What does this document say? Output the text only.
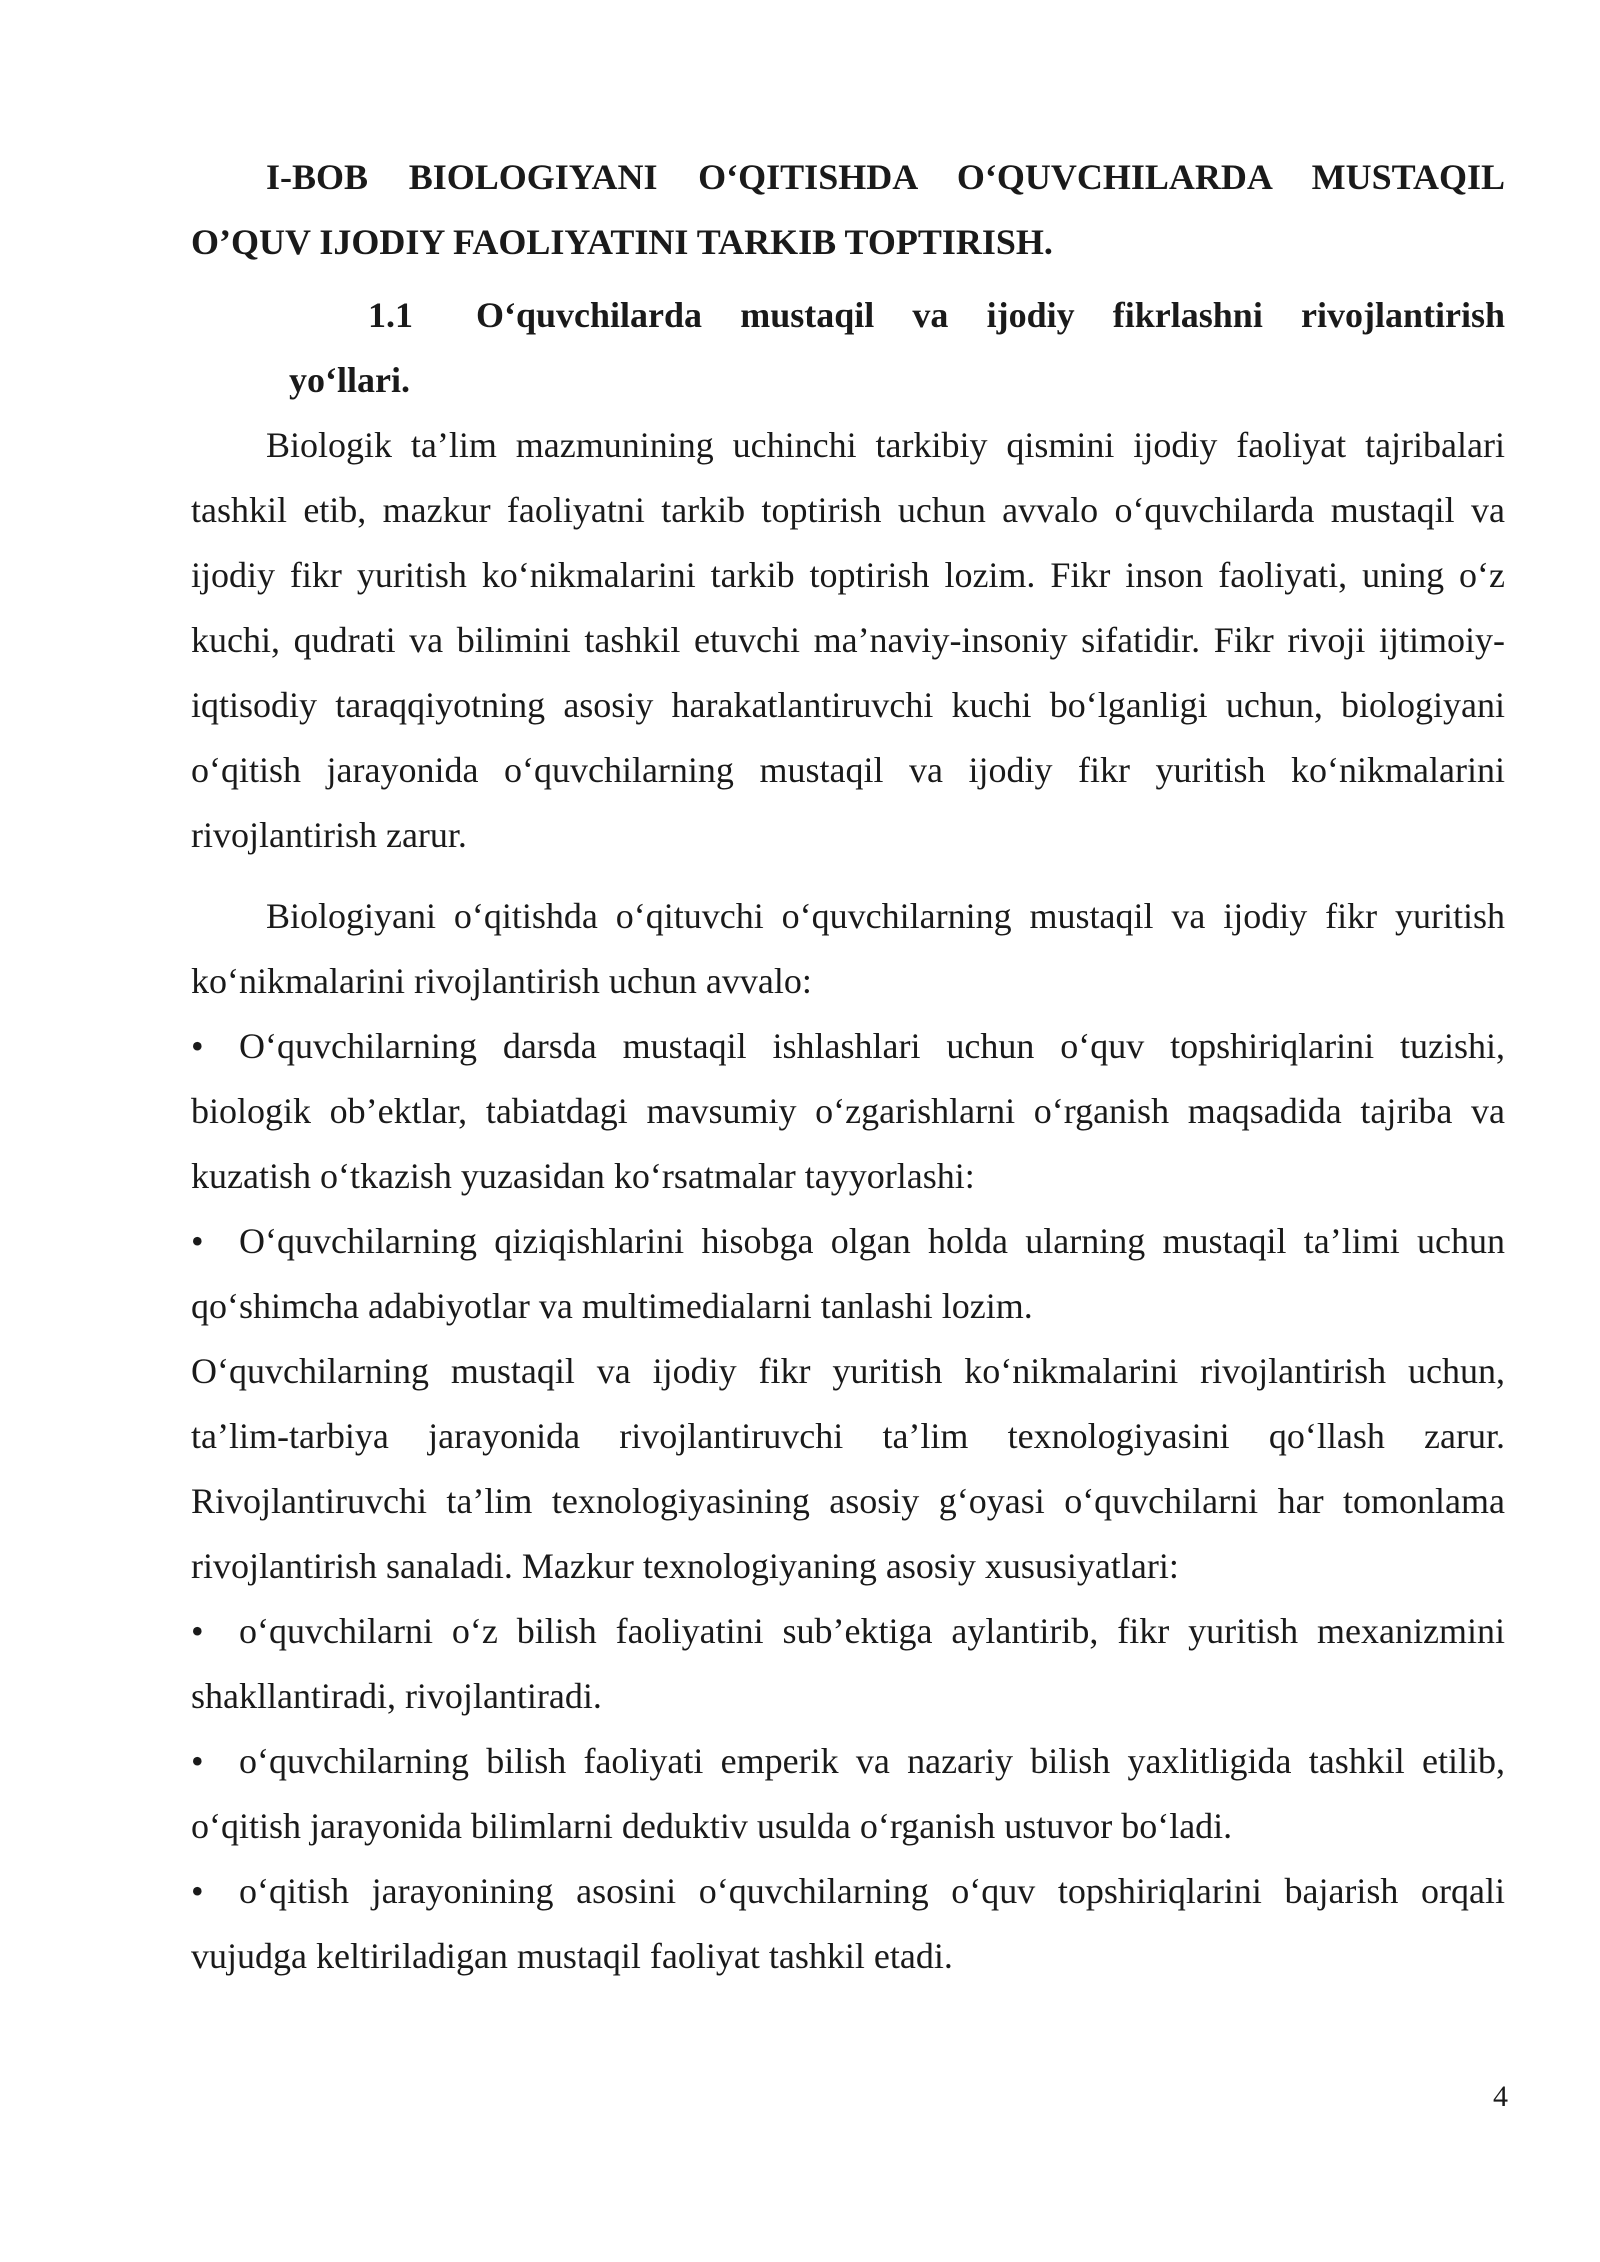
I-BOB BIOLOGIYANI O‘QITISHDA O‘QUVCHILARDA MUSTAQIL O’QUV IJODIY FAOLIYATINI TARKIB TOPTIRISH.

1.1	O‘quvchilarda mustaqil va ijodiy fikrlashni rivojlantirish

yo‘llari.

Biologik ta’lim mazmunining uchinchi tarkibiy qismini ijodiy faoliyat tajribalari tashkil etib, mazkur faoliyatni tarkib toptirish uchun avvalo o‘quvchilarda mustaqil va ijodiy fikr yuritish ko‘nikmalarini tarkib toptirish lozim. Fikr inson faoliyati, uning o‘z kuchi, qudrati va bilimini tashkil etuvchi ma’naviy-insoniy sifatidir. Fikr rivoji ijtimoiy-iqtisodiy taraqqiyotning asosiy harakatlantiruvchi kuchi bo‘lganligi uchun, biologiyani o‘qitish jarayonida o‘quvchilarning mustaqil va ijodiy fikr yuritish ko‘nikmalarini rivojlantirish zarur.

Biologiyani o‘qitishda o‘qituvchi o‘quvchilarning mustaqil va ijodiy fikr yuritish ko‘nikmalarini rivojlantirish uchun avvalo:

• O‘quvchilarning darsda mustaqil ishlashlari uchun o‘quv topshiriqlarini tuzishi, biologik ob’ektlar, tabiatdagi mavsumiy o‘zgarishlarni o‘rganish maqsadida tajriba va kuzatish o‘tkazish yuzasidan ko‘rsatmalar tayyorlashi:

• O‘quvchilarning qiziqishlarini hisobga olgan holda ularning mustaqil ta’limi uchun qo‘shimcha adabiyotlar va multimedialarni tanlashi lozim.

O‘quvchilarning mustaqil va ijodiy fikr yuritish ko‘nikmalarini rivojlantirish uchun, ta’lim-tarbiya jarayonida rivojlantiruvchi ta’lim texnologiyasini qo‘llash zarur. Rivojlantiruvchi ta’lim texnologiyasining asosiy g‘oyasi o‘quvchilarni har tomonlama rivojlantirish sanaladi. Mazkur texnologiyaning asosiy xususiyatlari:

• o‘quvchilarni o‘z bilish faoliyatini sub’ektiga aylantirib, fikr yuritish mexanizmini shakllantiradi, rivojlantiradi.

• o‘quvchilarning bilish faoliyati emperik va nazariy bilish yaxlitligida tashkil etilib, o‘qitish jarayonida bilimlarni deduktiv usulda o‘rganish ustuvor bo‘ladi.

• o‘qitish jarayonining asosini o‘quvchilarning o‘quv topshiriqlarini bajarish orqali vujudga keltiriladigan mustaqil faoliyat tashkil etadi.

4
